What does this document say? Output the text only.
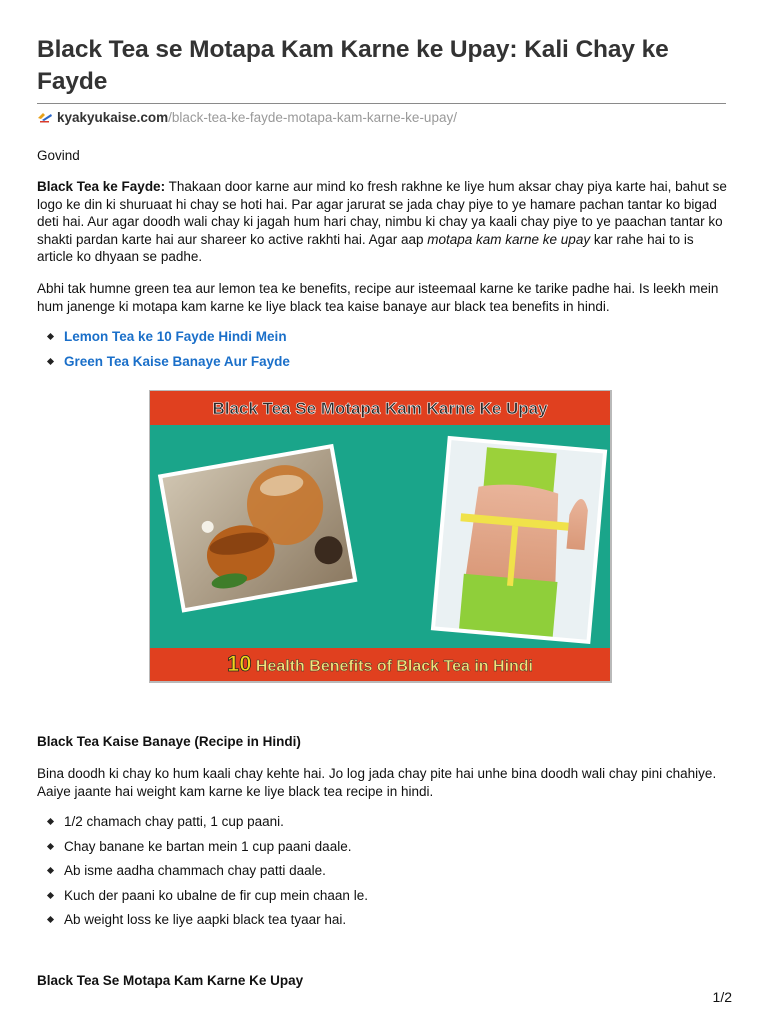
Black Tea se Motapa Kam Karne ke Upay: Kali Chay ke Fayde
kyakyukaise.com/black-tea-ke-fayde-motapa-kam-karne-ke-upay/
Govind
Black Tea ke Fayde: Thakaan door karne aur mind ko fresh rakhne ke liye hum aksar chay piya karte hai, bahut se logo ke din ki shuruaat hi chay se hoti hai. Par agar jarurat se jada chay piye to ye hamare pachan tantar ko bigad deti hai. Aur agar doodh wali chay ki jagah hum hari chay, nimbu ki chay ya kaali chay piye to ye paachan tantar ko shakti pardan karte hai aur shareer ko active rakhti hai. Agar aap motapa kam karne ke upay kar rahe hai to is article ko dhyaan se padhe.
Abhi tak humne green tea aur lemon tea ke benefits, recipe aur isteemaal karne ke tarike padhe hai. Is leekh mein hum janenge ki motapa kam karne ke liye black tea kaise banaye aur black tea benefits in hindi.
Lemon Tea ke 10 Fayde Hindi Mein
Green Tea Kaise Banaye Aur Fayde
Black Tea Se Motapa Kam Karne Ke Upay
10 Health Benefits of Black Tea in Hindi
Black Tea Kaise Banaye (Recipe in Hindi)
Bina doodh ki chay ko hum kaali chay kehte hai. Jo log jada chay pite hai unhe bina doodh wali chay pini chahiye. Aaiye jaante hai weight kam karne ke liye black tea recipe in hindi.
1/2 chamach chay patti, 1 cup paani.
Chay banane ke bartan mein 1 cup paani daale.
Ab isme aadha chammach chay patti daale.
Kuch der paani ko ubalne de fir cup mein chaan le.
Ab weight loss ke liye aapki black tea tyaar hai.
Black Tea Se Motapa Kam Karne Ke Upay
1/2
